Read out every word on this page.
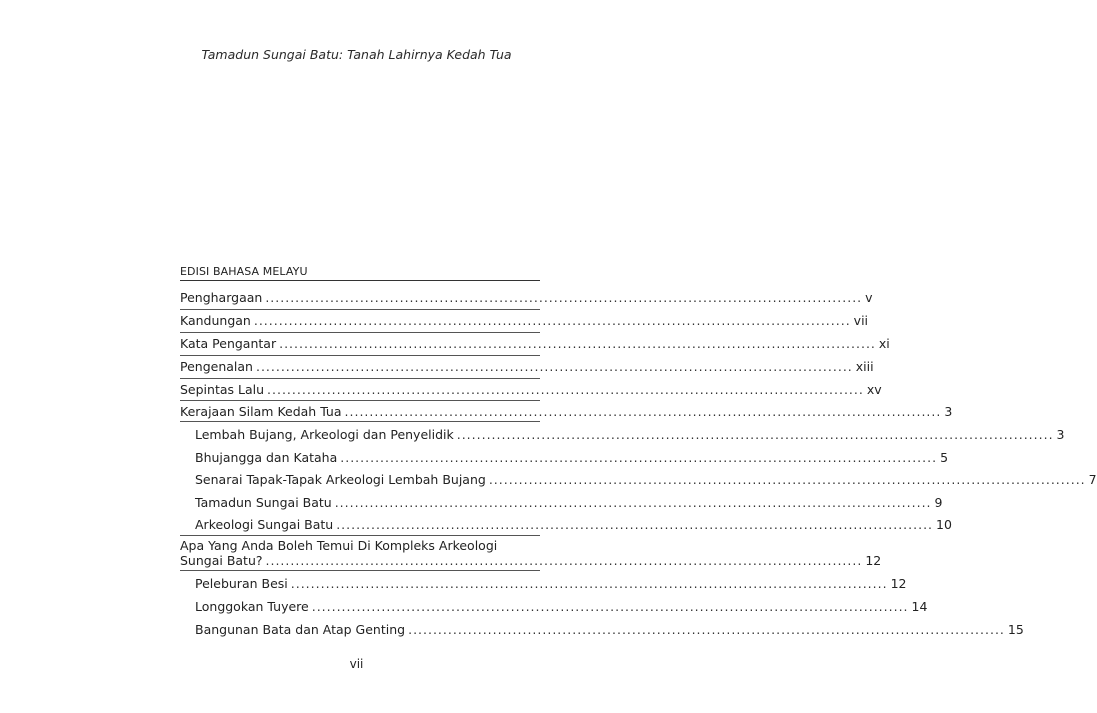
Tamadun Sungai Batu: Tanah Lahirnya Kedah Tua
EDISI BAHASA MELAYU
Penghargaan ........................................................................................................................ v
Kandungan ........................................................................................................................ vii
Kata Pengantar ........................................................................................................................ xi
Pengenalan ........................................................................................................................ xiii
Sepintas Lalu ........................................................................................................................ xv
Kerajaan Silam Kedah Tua ........................................................................................................................ 3
Lembah Bujang, Arkeologi dan Penyelidik ........................................................................................................................ 3
Bhujangga dan Kataha ........................................................................................................................ 5
Senarai Tapak-Tapak Arkeologi Lembah Bujang ........................................................................................................................ 7
Tamadun Sungai Batu ........................................................................................................................ 9
Arkeologi Sungai Batu ........................................................................................................................ 10
Apa Yang Anda Boleh Temui Di Kompleks Arkeologi
Sungai Batu? ........................................................................................................................ 12
Peleburan Besi ........................................................................................................................ 12
Longgokan Tuyere ........................................................................................................................ 14
Bangunan Bata dan Atap Genting ........................................................................................................................ 15
vii
